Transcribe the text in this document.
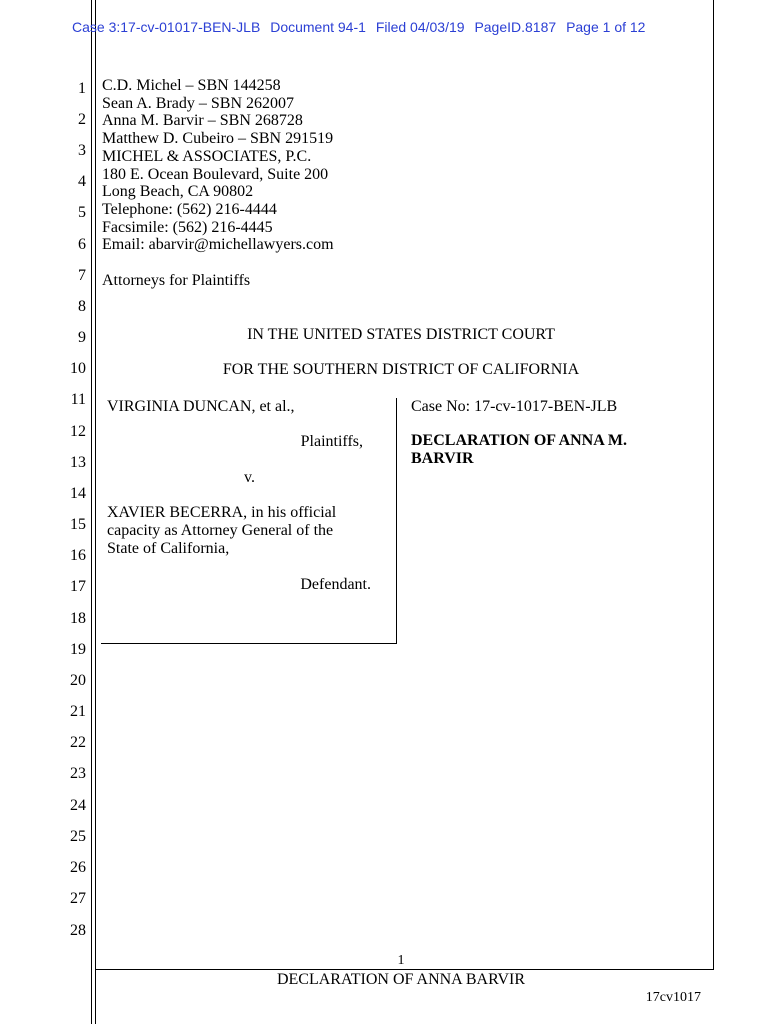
Case 3:17-cv-01017-BEN-JLB Document 94-1 Filed 04/03/19 PageID.8187 Page 1 of 12
1
2
3
4
5
6
7
8
9
10
11
12
13
14
15
16
17
18
19
20
21
22
23
24
25
26
27
28
C.D. Michel – SBN 144258
Sean A. Brady – SBN 262007
Anna M. Barvir – SBN 268728
Matthew D. Cubeiro – SBN 291519
MICHEL & ASSOCIATES, P.C.
180 E. Ocean Boulevard, Suite 200
Long Beach, CA 90802
Telephone: (562) 216-4444
Facsimile: (562) 216-4445
Email: abarvir@michellawyers.com
Attorneys for Plaintiffs
IN THE UNITED STATES DISTRICT COURT
FOR THE SOUTHERN DISTRICT OF CALIFORNIA
VIRGINIA DUNCAN, et al.,
Plaintiffs,
v.
XAVIER BECERRA, in his official
capacity as Attorney General of the
State of California,
Defendant.
Case No: 17-cv-1017-BEN-JLB
DECLARATION OF ANNA M.
BARVIR
1
DECLARATION OF ANNA BARVIR
17cv1017
